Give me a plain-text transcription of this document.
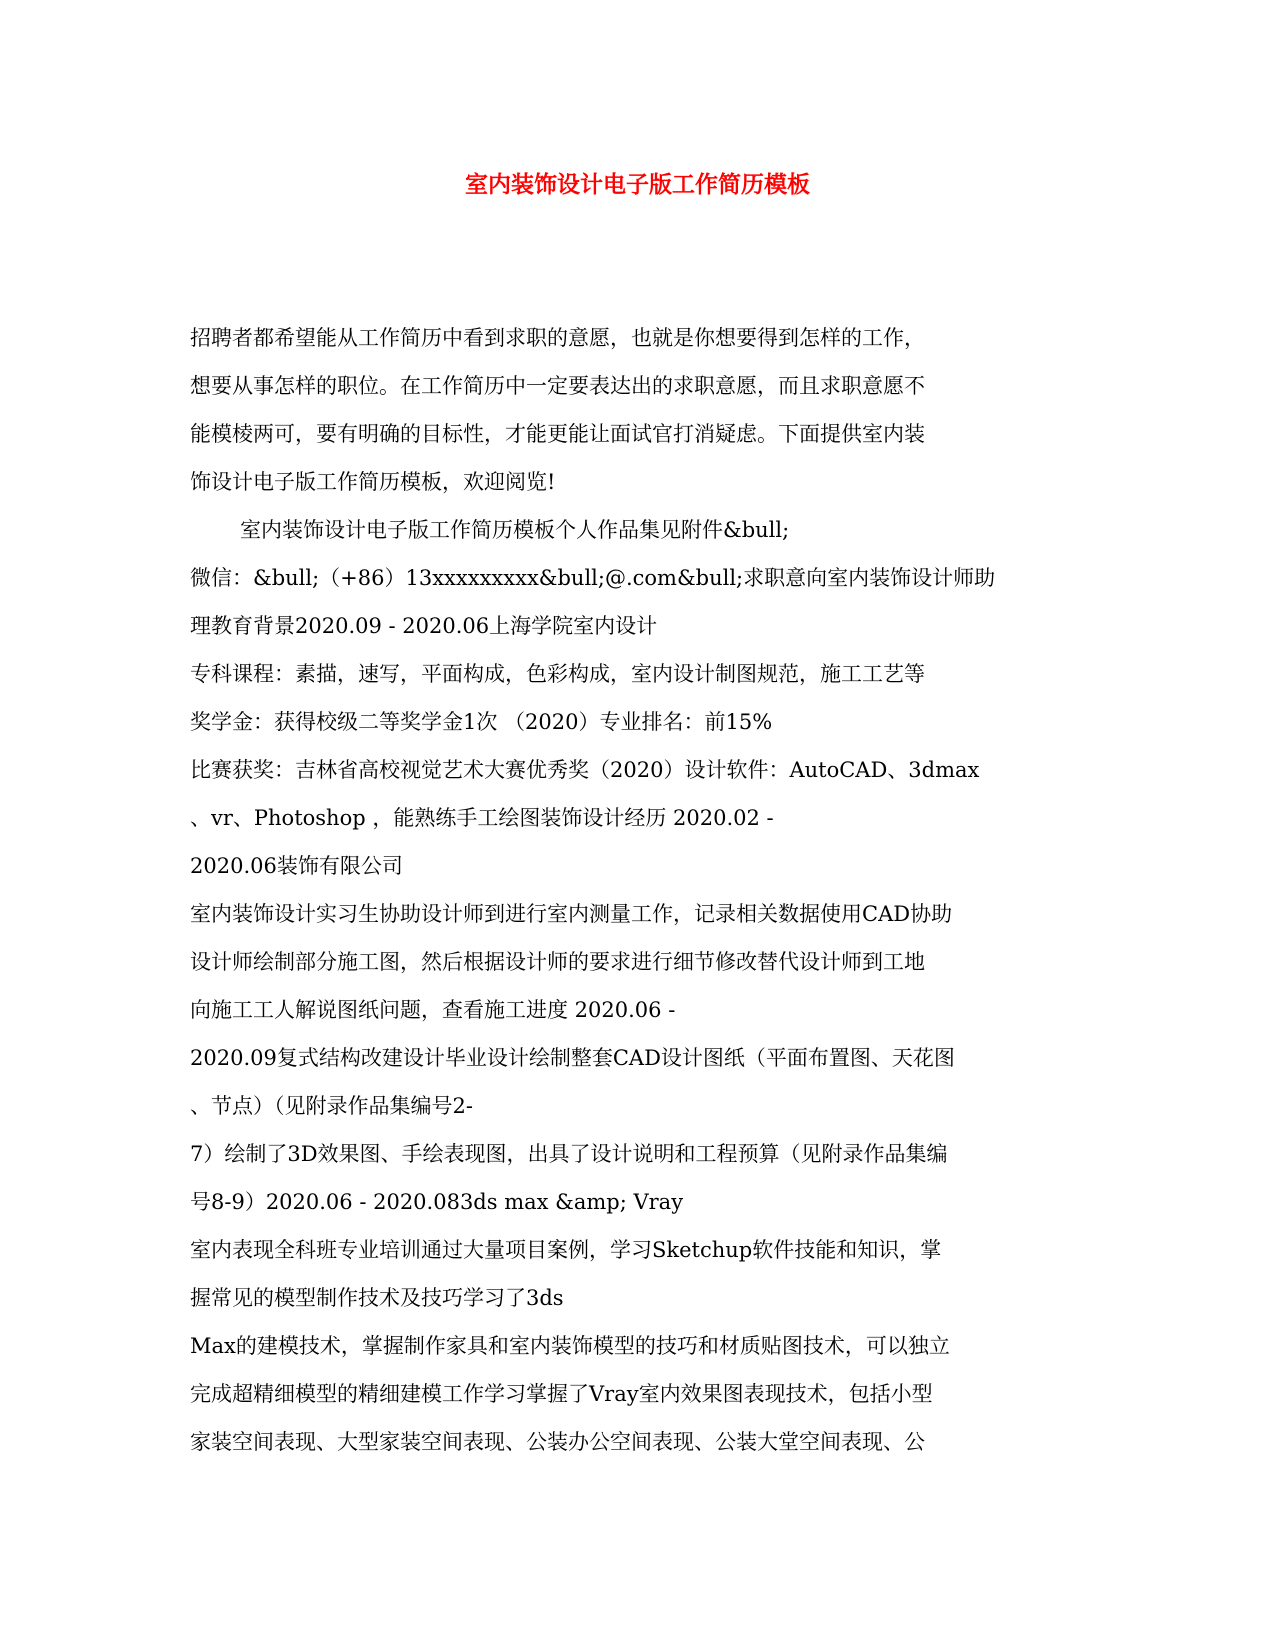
室内装饰设计电子版工作简历模板
招聘者都希望能从工作简历中看到求职的意愿，也就是你想要得到怎样的工作，
想要从事怎样的职位。在工作简历中一定要表达出的求职意愿，而且求职意愿不
能模棱两可，要有明确的目标性，才能更能让面试官打消疑虑。下面提供室内装
饰设计电子版工作简历模板，欢迎阅览!
室内装饰设计电子版工作简历模板个人作品集见附件&bull;
微信：&bull;（+86）13xxxxxxxxx&bull;@.com&bull;求职意向室内装饰设计师助
理教育背景2020.09 - 2020.06上海学院室内设计
专科课程：素描，速写，平面构成，色彩构成，室内设计制图规范，施工工艺等
奖学金：获得校级二等奖学金1次 （2020）专业排名：前15%
比赛获奖：吉林省高校视觉艺术大赛优秀奖（2020）设计软件：AutoCAD、3dmax
、vr、Photoshop ，能熟练手工绘图装饰设计经历 2020.02 -
2020.06装饰有限公司
室内装饰设计实习生协助设计师到进行室内测量工作，记录相关数据使用CAD协助
设计师绘制部分施工图，然后根据设计师的要求进行细节修改替代设计师到工地
向施工工人解说图纸问题，查看施工进度 2020.06 -
2020.09复式结构改建设计毕业设计绘制整套CAD设计图纸（平面布置图、天花图
、节点）（见附录作品集编号2-
7）绘制了3D效果图、手绘表现图，出具了设计说明和工程预算（见附录作品集编
号8-9）2020.06 - 2020.083ds max &amp; Vray
室内表现全科班专业培训通过大量项目案例，学习Sketchup软件技能和知识，掌
握常见的模型制作技术及技巧学习了3ds
Max的建模技术，掌握制作家具和室内装饰模型的技巧和材质贴图技术，可以独立
完成超精细模型的精细建模工作学习掌握了Vray室内效果图表现技术，包括小型
家装空间表现、大型家装空间表现、公装办公空间表现、公装大堂空间表现、公
